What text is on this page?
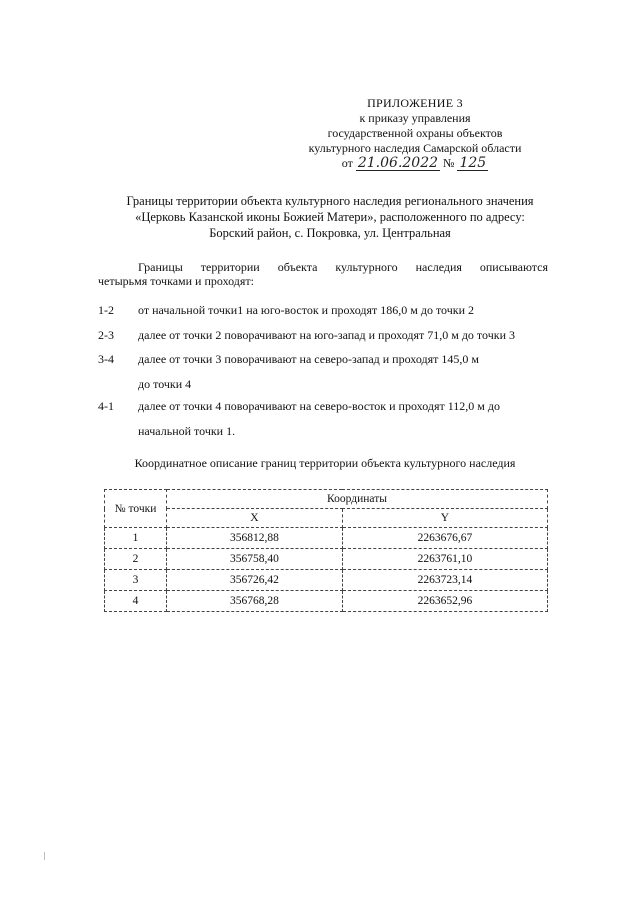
ПРИЛОЖЕНИЕ 3
к приказу управления
государственной охраны объектов
культурного наследия Самарской области
от 21.06.2022 № 125
Границы территории объекта культурного наследия регионального значения
«Церковь Казанской иконы Божией Матери», расположенного по адресу:
Борский район, с. Покровка, ул. Центральная
Границы территории объекта культурного наследия описываются
четырьмя точками и проходят:
1-2	от начальной точки1 на юго-восток и проходят 186,0 м до точки 2
2-3	далее от точки 2 поворачивают на юго-запад и проходят 71,0 м до точки 3
3-4	далее от точки 3 поворачивают на северо-запад и проходят 145,0 м
до точки 4
4-1	далее от точки 4 поворачивают на северо-восток и проходят 112,0 м до
начальной точки 1.
Координатное описание границ территории объекта культурного наследия
№ точки	Координаты	
	X	Y
1	356812,88	2263676,67
2	356758,40	2263761,10
3	356726,42	2263723,14
4	356768,28	2263652,96
